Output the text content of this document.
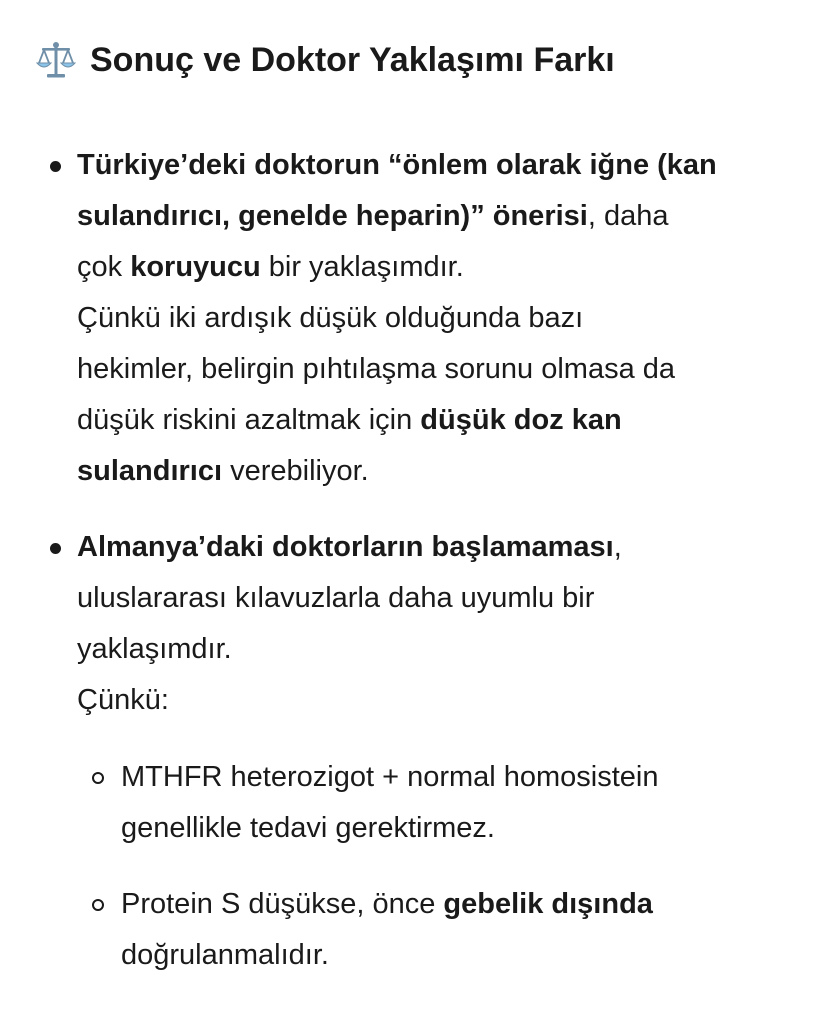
Sonuç ve Doktor Yaklaşımı Farkı
Türkiye’deki doktorun “önlem olarak iğne (kan
sulandırıcı, genelde heparin)” önerisi, daha
çok koruyucu bir yaklaşımdır.
Çünkü iki ardışık düşük olduğunda bazı
hekimler, belirgin pıhtılaşma sorunu olmasa da
düşük riskini azaltmak için düşük doz kan
sulandırıcı verebiliyor.
Almanya’daki doktorların başlamaması,
uluslararası kılavuzlarla daha uyumlu bir
yaklaşımdır.
Çünkü:
MTHFR heterozigot + normal homosistein
genellikle tedavi gerektirmez.
Protein S düşükse, önce gebelik dışında
doğrulanmalıdır.
